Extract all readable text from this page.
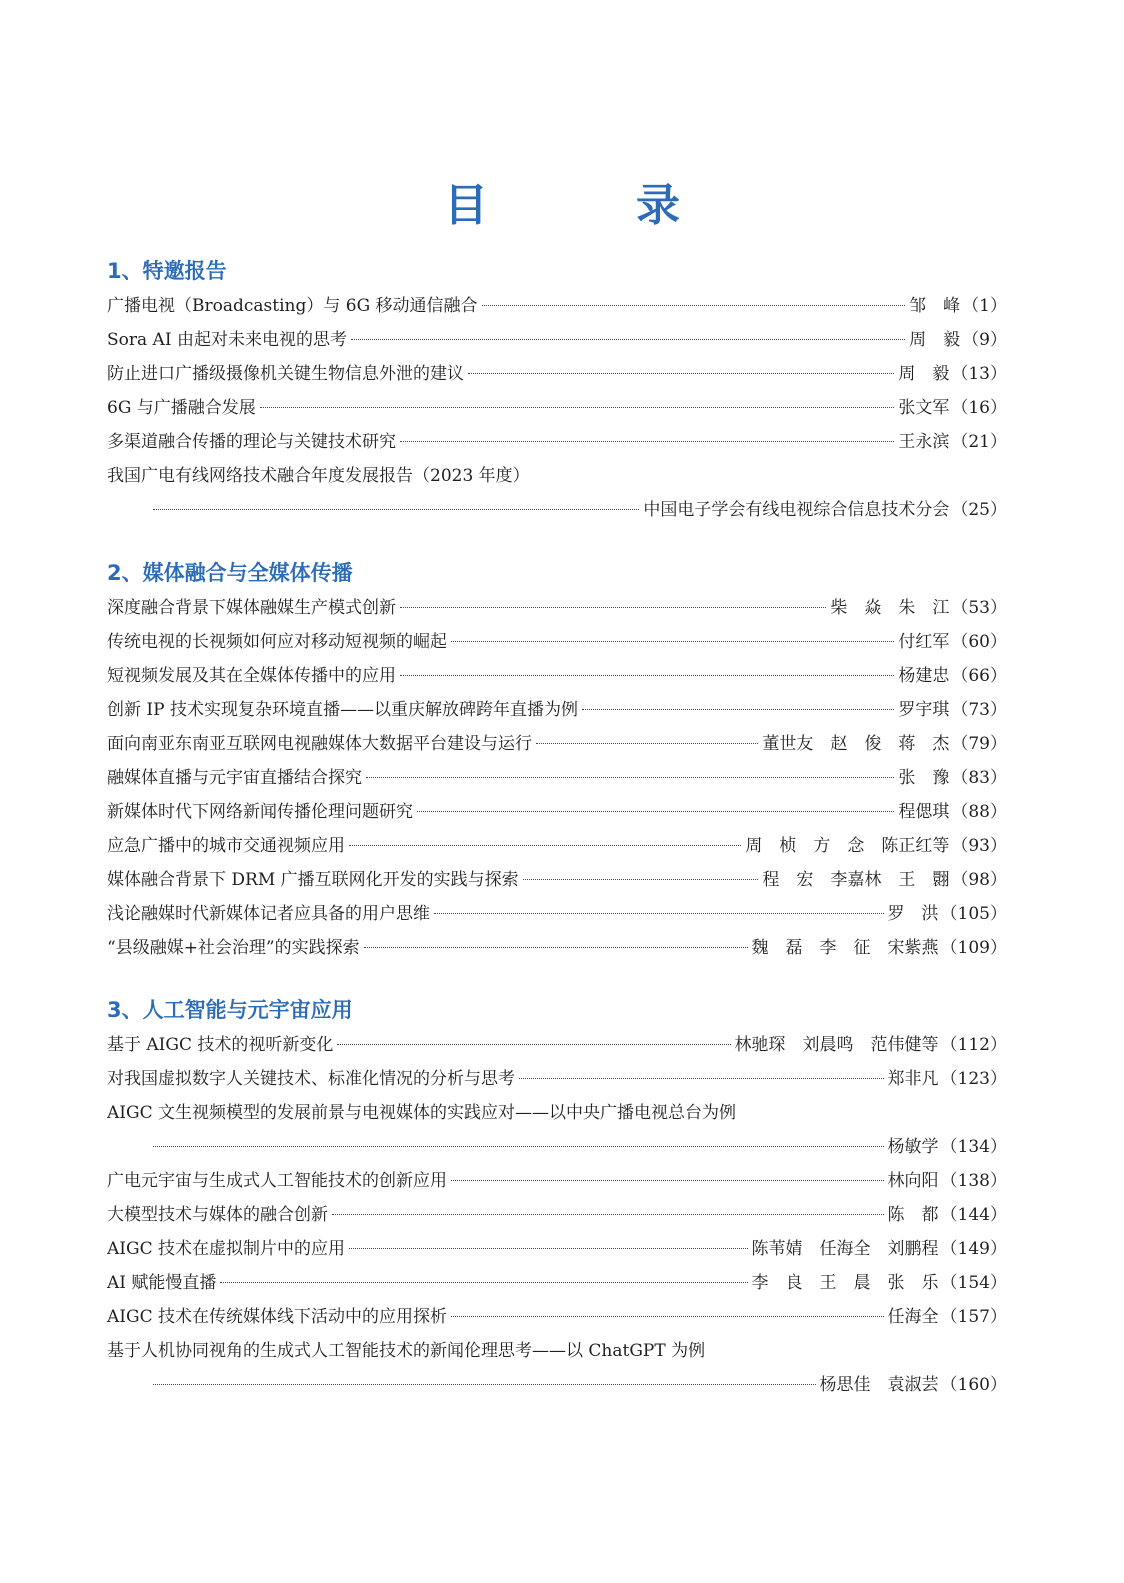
目　录
1、特邀报告
广播电视（Broadcasting）与 6G 移动通信融合	邹　峰 （1）
Sora AI 由起对未来电视的思考	周　毅 （9）
防止进口广播级摄像机关键生物信息外泄的建议	周　毅 （13）
6G 与广播融合发展	张文军 （16）
多渠道融合传播的理论与关键技术研究	王永滨 （21）
我国广电有线网络技术融合年度发展报告（2023 年度）
中国电子学会有线电视综合信息技术分会 （25）
2、媒体融合与全媒体传播
深度融合背景下媒体融媒生产模式创新	柴　焱　朱　江 （53）
传统电视的长视频如何应对移动短视频的崛起	付红军 （60）
短视频发展及其在全媒体传播中的应用	杨建忠 （66）
创新 IP 技术实现复杂环境直播——以重庆解放碑跨年直播为例	罗宇琪 （73）
面向南亚东南亚互联网电视融媒体大数据平台建设与运行	董世友　赵　俊　蒋　杰 （79）
融媒体直播与元宇宙直播结合探究	张　豫 （83）
新媒体时代下网络新闻传播伦理问题研究	程偲琪 （88）
应急广播中的城市交通视频应用	周　桢　方　念　陈正红等 （93）
媒体融合背景下 DRM 广播互联网化开发的实践与探索	程　宏　李嘉林　王　翾 （98）
浅论融媒时代新媒体记者应具备的用户思维	罗　洪 （105）
“县级融媒+社会治理”的实践探索	魏　磊　李　征　宋紫燕 （109）
3、人工智能与元宇宙应用
基于 AIGC 技术的视听新变化	林驰琛　刘晨鸣　范伟健等 （112）
对我国虚拟数字人关键技术、标准化情况的分析与思考	郑非凡 （123）
AIGC 文生视频模型的发展前景与电视媒体的实践应对——以中央广播电视总台为例
杨敏学 （134）
广电元宇宙与生成式人工智能技术的创新应用	林向阳 （138）
大模型技术与媒体的融合创新	陈　都 （144）
AIGC 技术在虚拟制片中的应用	陈苇婧　任海全　刘鹏程 （149）
AI 赋能慢直播	李　良　王　晨　张　乐 （154）
AIGC 技术在传统媒体线下活动中的应用探析	任海全 （157）
基于人机协同视角的生成式人工智能技术的新闻伦理思考——以 ChatGPT 为例
杨思佳　袁淑芸 （160）
